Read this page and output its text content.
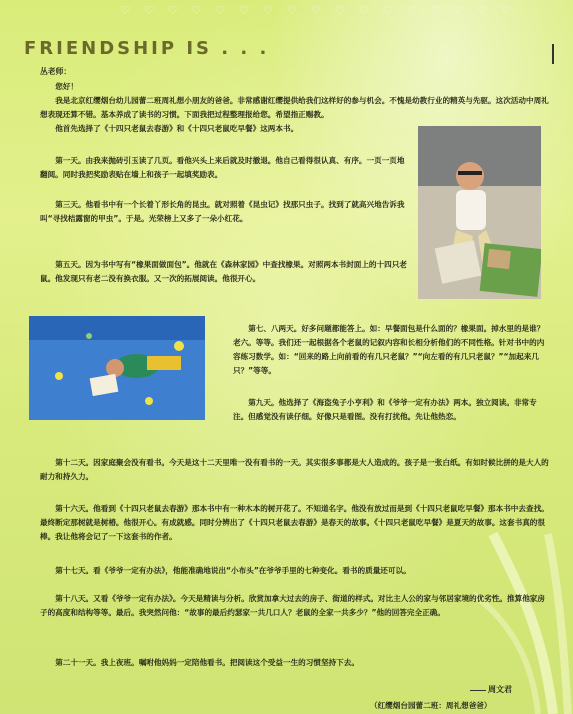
♡♡♡♡♡♡♡♡♡♡♡♡♡♡♡♡♡
FRIENDSHIP IS . . .
丛老师：

您好！

我是北京红缨烟台幼儿园蕾二班周礼想小朋友的爸爸。非常感谢红缨提供给我们这样好的参与机会。不愧是幼教行业的精英与先驱。这次活动中周礼想表现还算不错。基本养成了读书的习惯。下面我把过程整理报给您。希望指正赐教。

他首先选择了《十四只老鼠去春游》和《十四只老鼠吃早餐》这两本书。

第一天。由我来抛砖引玉读了几页。看他兴头上来后就及时撤退。他自己看得很认真、有序。一页一页地翻阅。同时我把奖励表贴在墙上和孩子一起填奖励表。

第三天。他看书中有一个长着丫形长角的昆虫。就对照着《昆虫记》找那只虫子。找到了就高兴地告诉我叫“寻找桔露窗的甲虫”。于是。光荣榜上又多了一朵小红花。

第五天。因为书中写有“橡果面做面包”。他就在《森林家园》中查找橡果。对照两本书封面上的十四只老鼠。他发现只有老二没有换衣服。又一次的拓展阅读。他很开心。

第七、八两天。好多问题都能答上。如：早餐面包是什么面的？橡果面。掉水里的是谁？老六。等等。我们还一起根据各个老鼠的记叙内容和长相分析他们的不同性格。针对书中的内容练习数学。如：“回来的路上向前看的有几只老鼠？”“向左看的有几只老鼠？”“加起来几只？”等等。

第九天。他选择了《海盗兔子小亨利》和《爷爷一定有办法》两本。独立阅读。非常专注。但感觉没有读仔细。好像只是看图。没有打扰他。先让他热恋。

第十二天。因家庭聚会没有看书。今天是这十二天里唯一没有看书的一天。其实很多事都是大人造成的。孩子是一张白纸。有如时候比拼的是大人的耐力和持久力。

第十六天。他看到《十四只老鼠去春游》那本书中有一种木本的树开花了。不知道名字。他没有放过而是到《十四只老鼠吃早餐》那本书中去查找。最终断定那树就是树椿。他很开心。有成就感。同时分辨出了《十四只老鼠去春游》是春天的故事。《十四只老鼠吃早餐》是夏天的故事。这套书真的很棒。我让他将会记了一下这套书的作者。

第十七天。看《爷爷一定有办法》，他能准确地说出“小布头”在爷爷手里的七种变化。看书的质量还可以。

第十八天。又看《爷爷一定有办法》。今天是精读与分析。欣赏加拿大过去的房子、街道的样式。对比主人公的家与邻居家境的优劣性。推算他家房子的高度和结构等等。最后。我突然问他：“故事的最后约瑟家一共几口人？老鼠的全家一共多少？”他的回答完全正确。

第二十一天。我上夜班。嘱咐他妈妈一定陪他看书。把阅读这个受益一生的习惯坚持下去。

周文君
（红缨烟台园蕾二班：周礼想爸爸）
